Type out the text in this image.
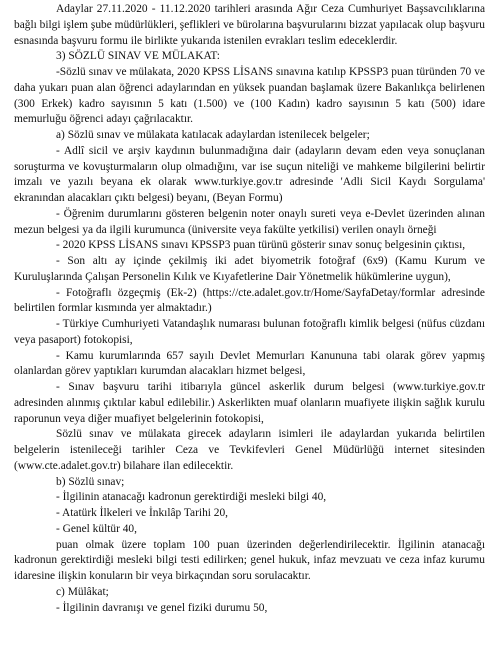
Adaylar 27.11.2020 - 11.12.2020 tarihleri arasında Ağır Ceza Cumhuriyet Başsavcılıklarına bağlı bilgi işlem şube müdürlükleri, şeflikleri ve bürolarına başvurularını bizzat yapılacak olup başvuru esnasında başvuru formu ile birlikte yukarıda istenilen evrakları teslim edeceklerdir.

3) SÖZLÜ SINAV VE MÜLAKAT:

-Sözlü sınav ve mülakata, 2020 KPSS LİSANS sınavına katılıp KPSSP3 puan türünden 70 ve daha yukarı puan alan öğrenci adaylarından en yüksek puandan başlamak üzere Bakanlıkça belirlenen (300 Erkek) kadro sayısının 5 katı (1.500) ve (100 Kadın) kadro sayısının 5 katı (500) idare memurluğu öğrenci adayı çağrılacaktır.

a) Sözlü sınav ve mülakata katılacak adaylardan istenilecek belgeler;

- Adlî sicil ve arşiv kaydının bulunmadığına dair (adayların devam eden veya sonuçlanan soruşturma ve kovuşturmaların olup olmadığını, var ise suçun niteliği ve mahkeme bilgilerini belirtir imzalı ve yazılı beyana ek olarak www.turkiye.gov.tr adresinde 'Adli Sicil Kaydı Sorgulama' ekranından alacakları çıktı belgesi) beyanı, (Beyan Formu)

- Öğrenim durumlarını gösteren belgenin noter onaylı sureti veya e-Devlet üzerinden alınan mezun belgesi ya da ilgili kurumunca (üniversite veya fakülte yetkilisi) verilen onaylı örneği

- 2020 KPSS LİSANS sınavı KPSSP3 puan türünü gösterir sınav sonuç belgesinin çıktısı,

- Son altı ay içinde çekilmiş iki adet biyometrik fotoğraf (6x9) (Kamu Kurum ve Kuruluşlarında Çalışan Personelin Kılık ve Kıyafetlerine Dair Yönetmelik hükümlerine uygun),

- Fotoğraflı özgeçmiş (Ek-2) (https://cte.adalet.gov.tr/Home/SayfaDetay/formlar adresinde belirtilen formlar kısmında yer almaktadır.)

- Türkiye Cumhuriyeti Vatandaşlık numarası bulunan fotoğraflı kimlik belgesi (nüfus cüzdanı veya pasaport) fotokopisi,

- Kamu kurumlarında 657 sayılı Devlet Memurları Kanununa tabi olarak görev yapmış olanlardan görev yaptıkları kurumdan alacakları hizmet belgesi,

- Sınav başvuru tarihi itibarıyla güncel askerlik durum belgesi (www.turkiye.gov.tr adresinden alınmış çıktılar kabul edilebilir.) Askerlikten muaf olanların muafiyete ilişkin sağlık kurulu raporunun veya diğer muafiyet belgelerinin fotokopisi,

Sözlü sınav ve mülakata girecek adayların isimleri ile adaylardan yukarıda belirtilen belgelerin istenileceği tarihler Ceza ve Tevkifevleri Genel Müdürlüğü internet sitesinden (www.cte.adalet.gov.tr) bilahare ilan edilecektir.

b) Sözlü sınav;

- İlgilinin atanacağı kadronun gerektirdiği mesleki bilgi 40,

- Atatürk İlkeleri ve İnkılâp Tarihi 20,

- Genel kültür 40,

puan olmak üzere toplam 100 puan üzerinden değerlendirilecektir. İlgilinin atanacağı kadronun gerektirdiği mesleki bilgi testi edilirken; genel hukuk, infaz mevzuatı ve ceza infaz kurumu idaresine ilişkin konuların bir veya birkaçından soru sorulacaktır.

c) Mülâkat;

- İlgilinin davranışı ve genel fiziki durumu 50,
